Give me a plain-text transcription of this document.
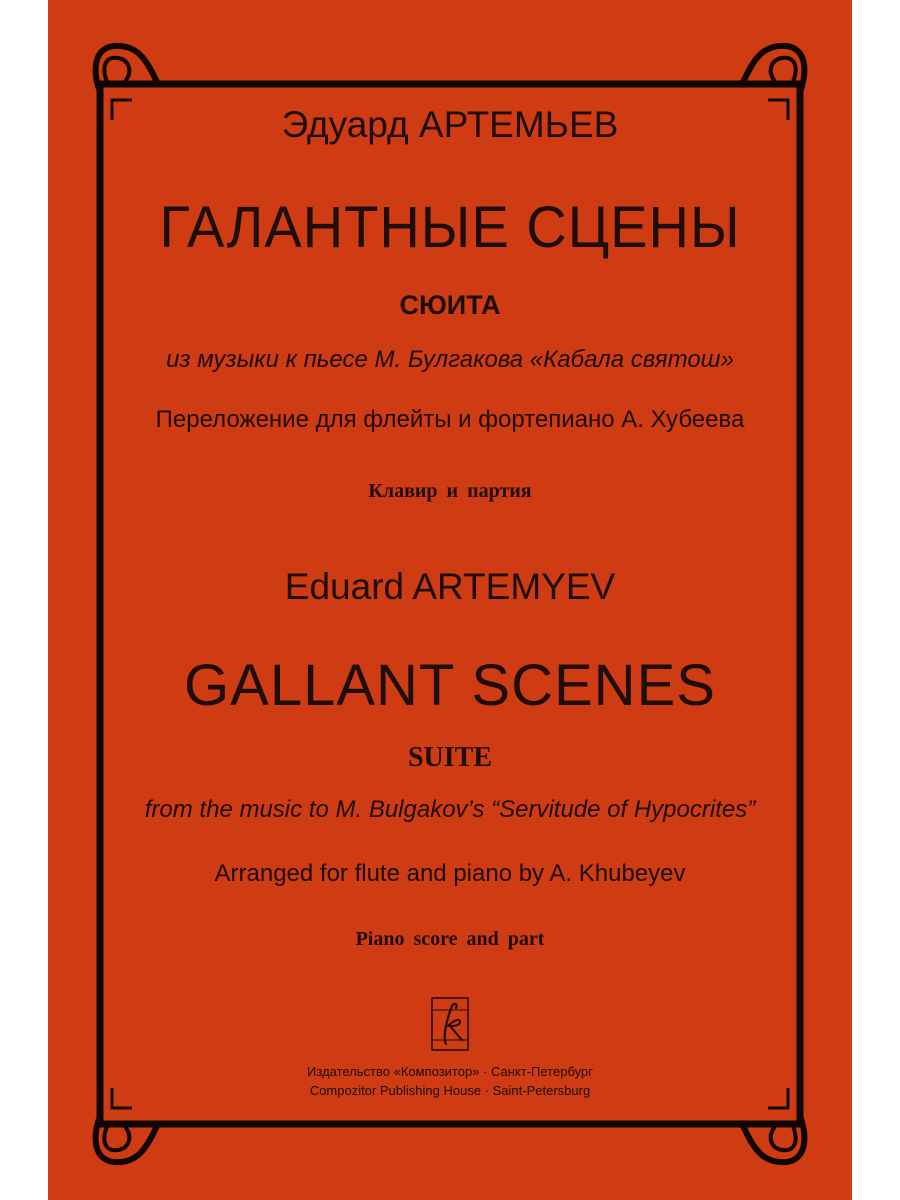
Эдуард АРТЕМЬЕВ

ГАЛАНТНЫЕ СЦЕНЫ

СЮИТА

из музыки к пьесе М. Булгакова «Кабала святош»

Переложение для флейты и фортепиано А. Хубеева

Клавир и партия

Eduard ARTEMYEV

GALLANT SCENES

SUITE

from the music to M. Bulgakov’s “Servitude of Hypocrites”

Arranged for flute and piano by A. Khubeyev

Piano score and part

Издательство «Композитор» · Санкт-Петербург

Compozitor Publishing House · Saint-Petersburg
